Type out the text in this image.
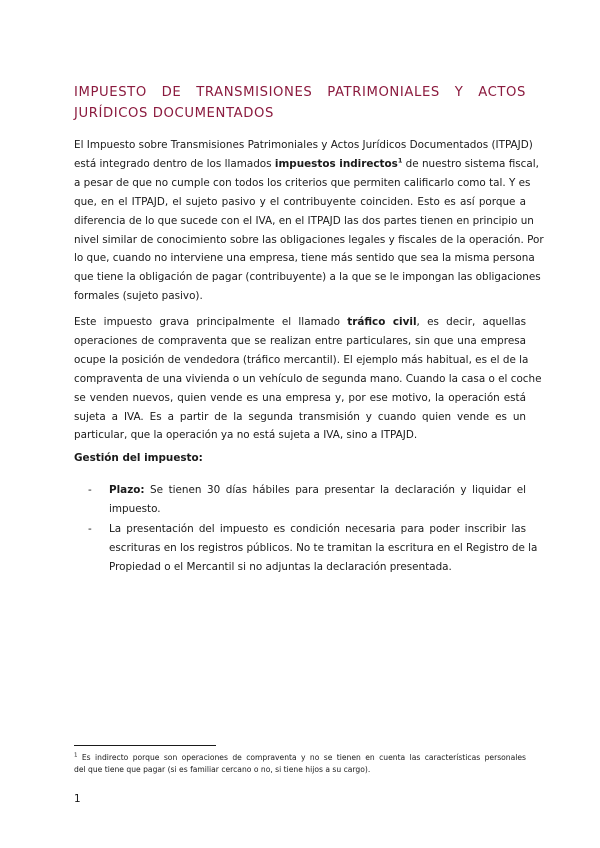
IMPUESTO DE TRANSMISIONES PATRIMONIALES Y ACTOS
JURÍDICOS DOCUMENTADOS

El Impuesto sobre Transmisiones Patrimoniales y Actos Jurídicos Documentados (ITPAJD)
está integrado dentro de los llamados impuestos indirectos$^1$ de nuestro sistema fiscal,
a pesar de que no cumple con todos los criterios que permiten calificarlo como tal. Y es
que, en el ITPAJD, el sujeto pasivo y el contribuyente coinciden. Esto es así porque a
diferencia de lo que sucede con el IVA, en el ITPAJD las dos partes tienen en principio un
nivel similar de conocimiento sobre las obligaciones legales y fiscales de la operación. Por
lo que, cuando no interviene una empresa, tiene más sentido que sea la misma persona
que tiene la obligación de pagar (contribuyente) a la que se le impongan las obligaciones
formales (sujeto pasivo).

Este impuesto grava principalmente el llamado tráfico civil, es decir, aquellas
operaciones de compraventa que se realizan entre particulares, sin que una empresa
ocupe la posición de vendedora (tráfico mercantil). El ejemplo más habitual, es el de la
compraventa de una vivienda o un vehículo de segunda mano. Cuando la casa o el coche
se venden nuevos, quien vende es una empresa y, por ese motivo, la operación está
sujeta a IVA. Es a partir de la segunda transmisión y cuando quien vende es un
particular, que la operación ya no está sujeta a IVA, sino a ITPAJD.

Gestión del impuesto:

- Plazo: Se tienen 30 días hábiles para presentar la declaración y liquidar el
impuesto.
- La presentación del impuesto es condición necesaria para poder inscribir las
escrituras en los registros públicos. No te tramitan la escritura en el Registro de la
Propiedad o el Mercantil si no adjuntas la declaración presentada.

$^1$ Es indirecto porque son operaciones de compraventa y no se tienen en cuenta las características personales
del que tiene que pagar (si es familiar cercano o no, si tiene hijos a su cargo).

1
